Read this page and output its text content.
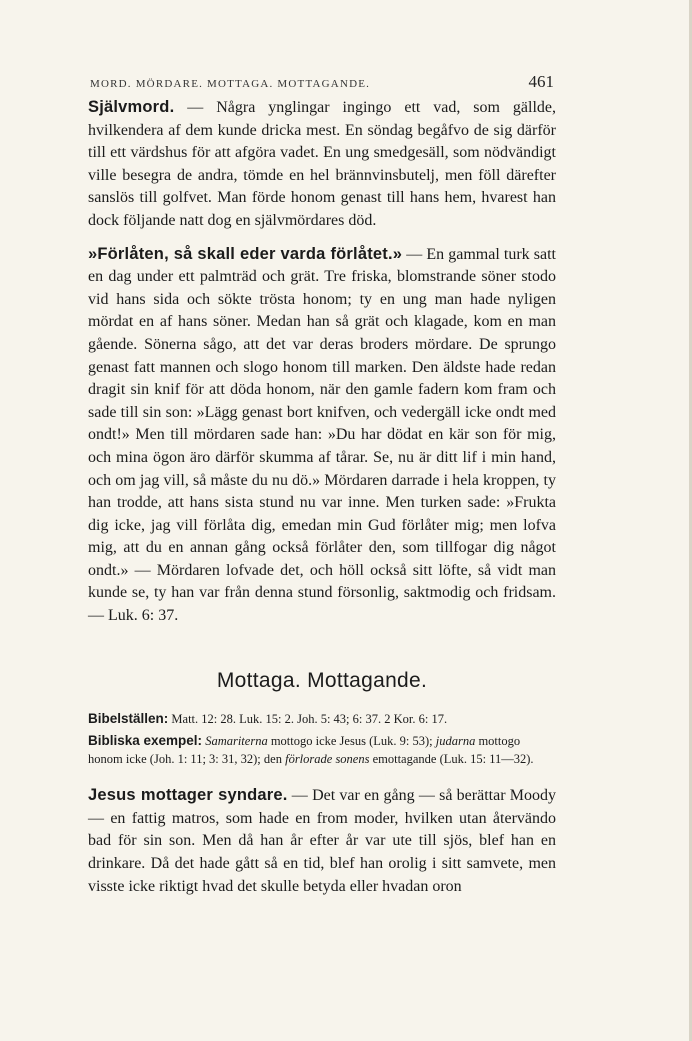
MORD. MÖRDARE. MOTTAGA. MOTTAGANDE.	461

Självmord. — Några ynglingar ingingo ett vad, som gällde, hvilkendera af dem kunde dricka mest. En söndag begåfvo de sig därför till ett värdshus för att afgöra vadet. En ung smedgesäll, som nödvändigt ville besegra de andra, tömde en hel brännvinsbutelj, men föll därefter sanslös till golfvet. Man förde honom genast till hans hem, hvarest han dock följande natt dog en självmördares död.

»Förlåten, så skall eder varda förlåtet.» — En gammal turk satt en dag under ett palmträd och grät. Tre friska, blomstrande söner stodo vid hans sida och sökte trösta honom; ty en ung man hade nyligen mördat en af hans söner. Medan han så grät och klagade, kom en man gående. Sönerna sågo, att det var deras broders mördare. De sprungo genast fatt mannen och slogo honom till marken. Den äldste hade redan dragit sin knif för att döda honom, när den gamle fadern kom fram och sade till sin son: »Lägg genast bort knifven, och vedergäll icke ondt med ondt!» Men till mördaren sade han: »Du har dödat en kär son för mig, och mina ögon äro därför skumma af tårar. Se, nu är ditt lif i min hand, och om jag vill, så måste du nu dö.» Mördaren darrade i hela kroppen, ty han trodde, att hans sista stund nu var inne. Men turken sade: »Frukta dig icke, jag vill förlåta dig, emedan min Gud förlåter mig; men lofva mig, att du en annan gång också förlåter den, som tillfogar dig något ondt.» — Mördaren lofvade det, och höll också sitt löfte, så vidt man kunde se, ty han var från denna stund försonlig, saktmodig och fridsam. — Luk. 6: 37.

Mottaga. Mottagande.

Bibelställen: Matt. 12: 28. Luk. 15: 2. Joh. 5: 43; 6: 37. 2 Kor. 6: 17.

Bibliska exempel: Samariterna mottogo icke Jesus (Luk. 9: 53); judarna mottogo honom icke (Joh. 1: 11; 3: 31, 32); den förlorade sonens emottagande (Luk. 15: 11—32).

Jesus mottager syndare. — Det var en gång — så berättar Moody — en fattig matros, som hade en from moder, hvilken utan återvändo bad för sin son. Men då han år efter år var ute till sjös, blef han en drinkare. Då det hade gått så en tid, blef han orolig i sitt samvete, men visste icke riktigt hvad det skulle betyda eller hvadan oron
